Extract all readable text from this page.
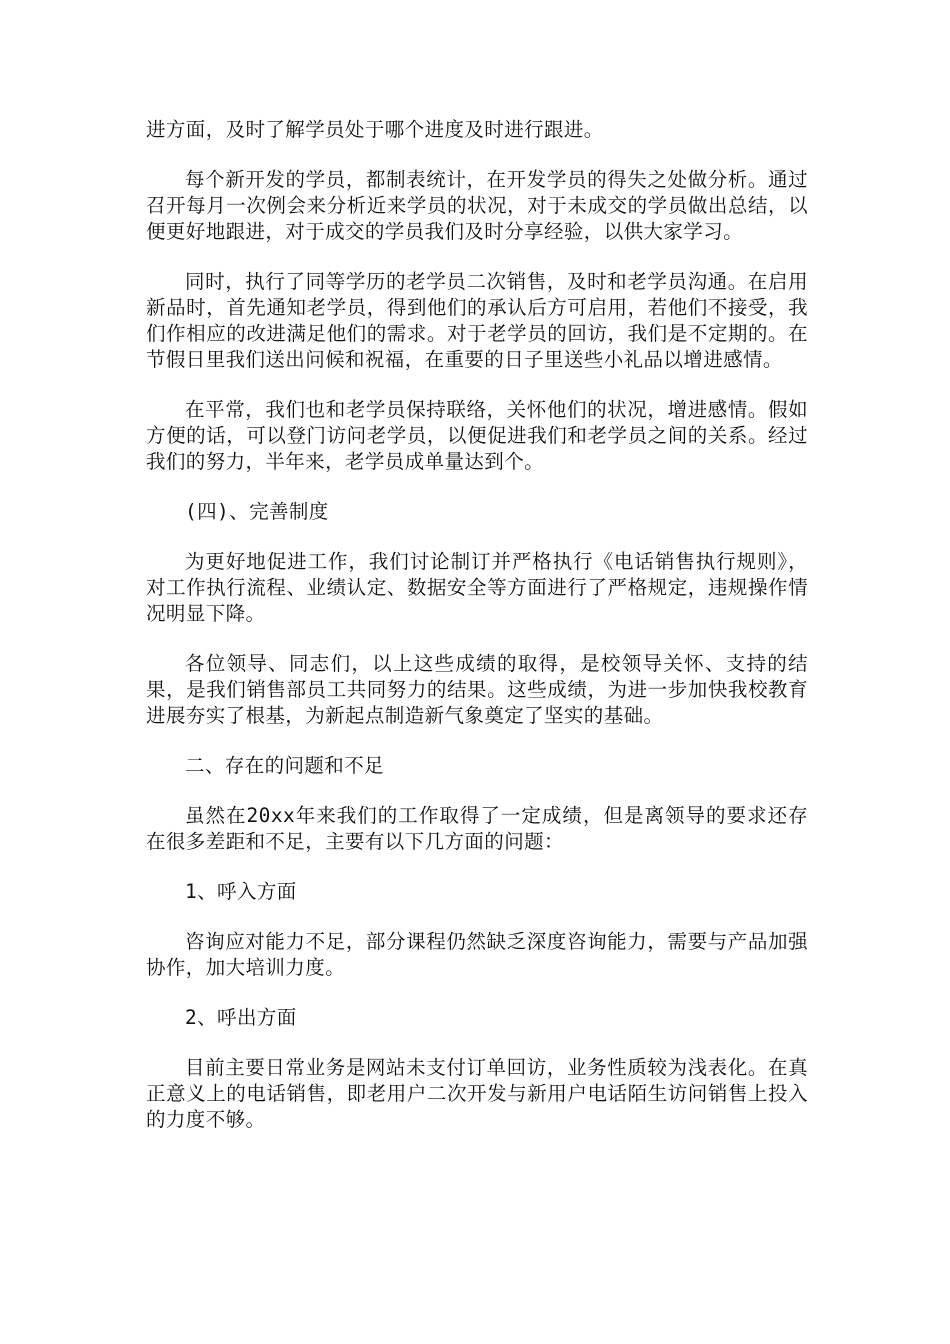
进方面，及时了解学员处于哪个进度及时进行跟进。

每个新开发的学员，都制表统计，在开发学员的得失之处做分析。通过召开每月一次例会来分析近来学员的状况，对于未成交的学员做出总结，以便更好地跟进，对于成交的学员我们及时分享经验，以供大家学习。

同时，执行了同等学历的老学员二次销售，及时和老学员沟通。在启用新品时，首先通知老学员，得到他们的承认后方可启用，若他们不接受，我们作相应的改进满足他们的需求。对于老学员的回访，我们是不定期的。在节假日里我们送出问候和祝福，在重要的日子里送些小礼品以增进感情。

在平常，我们也和老学员保持联络，关怀他们的状况，增进感情。假如方便的话，可以登门访问老学员，以便促进我们和老学员之间的关系。经过我们的努力，半年来，老学员成单量达到个。

(四)、完善制度

为更好地促进工作，我们讨论制订并严格执行《电话销售执行规则》，对工作执行流程、业绩认定、数据安全等方面进行了严格规定，违规操作情况明显下降。

各位领导、同志们，以上这些成绩的取得，是校领导关怀、支持的结果，是我们销售部员工共同努力的结果。这些成绩，为进一步加快我校教育进展夯实了根基，为新起点制造新气象奠定了坚实的基础。

二、存在的问题和不足

虽然在20xx年来我们的工作取得了一定成绩，但是离领导的要求还存在很多差距和不足，主要有以下几方面的问题：

1、呼入方面

咨询应对能力不足，部分课程仍然缺乏深度咨询能力，需要与产品加强协作，加大培训力度。

2、呼出方面

目前主要日常业务是网站未支付订单回访，业务性质较为浅表化。在真正意义上的电话销售，即老用户二次开发与新用户电话陌生访问销售上投入的力度不够。
